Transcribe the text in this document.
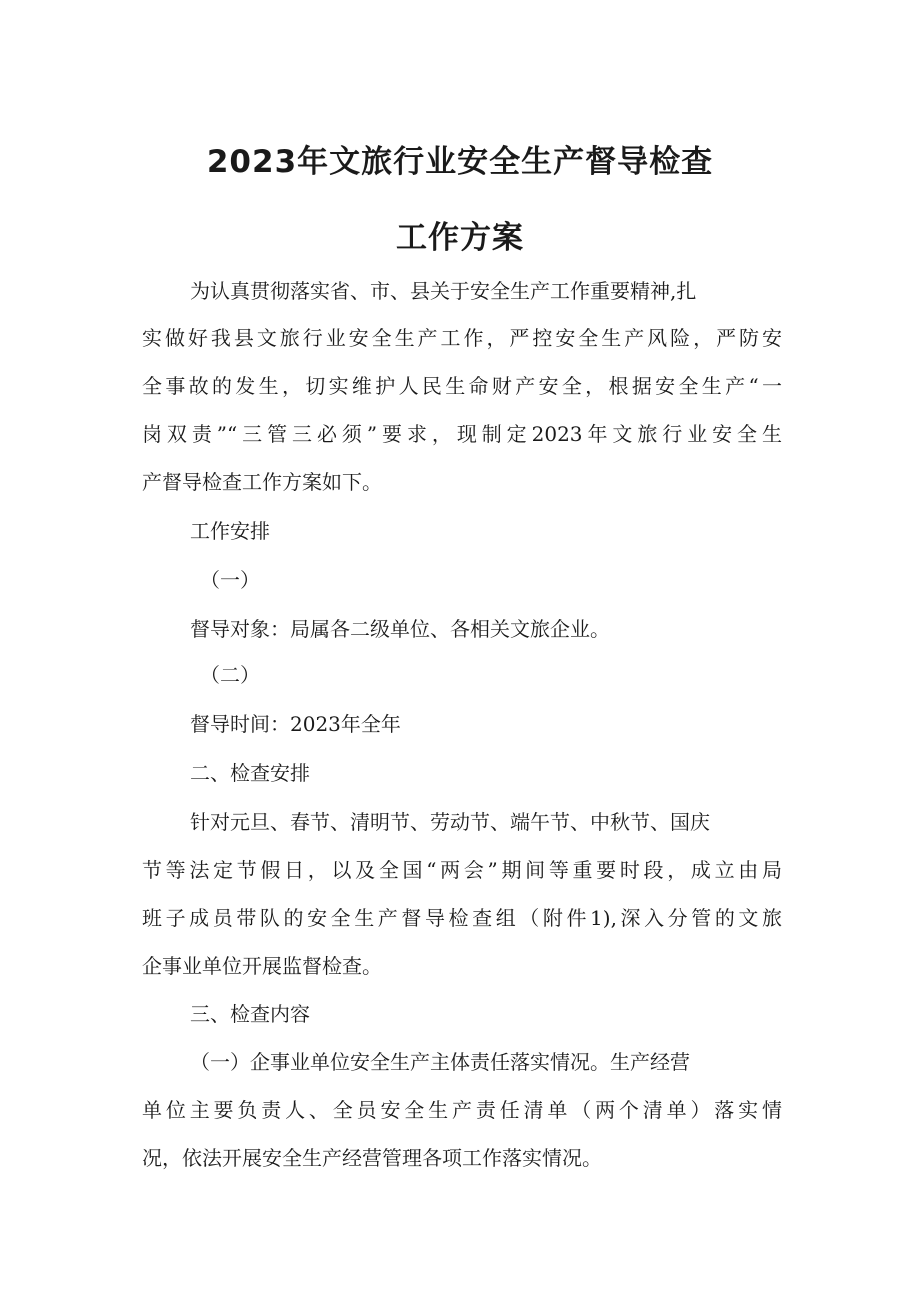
2023年文旅行业安全生产督导检查
工作方案

为认真贯彻落实省、市、县关于安全生产工作重要精神,扎

实做好我县文旅行业安全生产工作，严控安全生产风险，严防安

全事故的发生，切实维护人民生命财产安全，根据安全生产“一

岗双责”“三管三必须”要求，现制定2023年文旅行业安全生

产督导检查工作方案如下。

工作安排

（一）

督导对象：局属各二级单位、各相关文旅企业。

（二）

督导时间：2023年全年

二、检查安排

针对元旦、春节、清明节、劳动节、端午节、中秋节、国庆

节等法定节假日，以及全国“两会”期间等重要时段，成立由局

班子成员带队的安全生产督导检查组（附件1),深入分管的文旅

企事业单位开展监督检查。

三、检查内容

（一）企事业单位安全生产主体责任落实情况。生产经营

单位主要负责人、全员安全生产责任清单（两个清单）落实情

况，依法开展安全生产经营管理各项工作落实情况。
